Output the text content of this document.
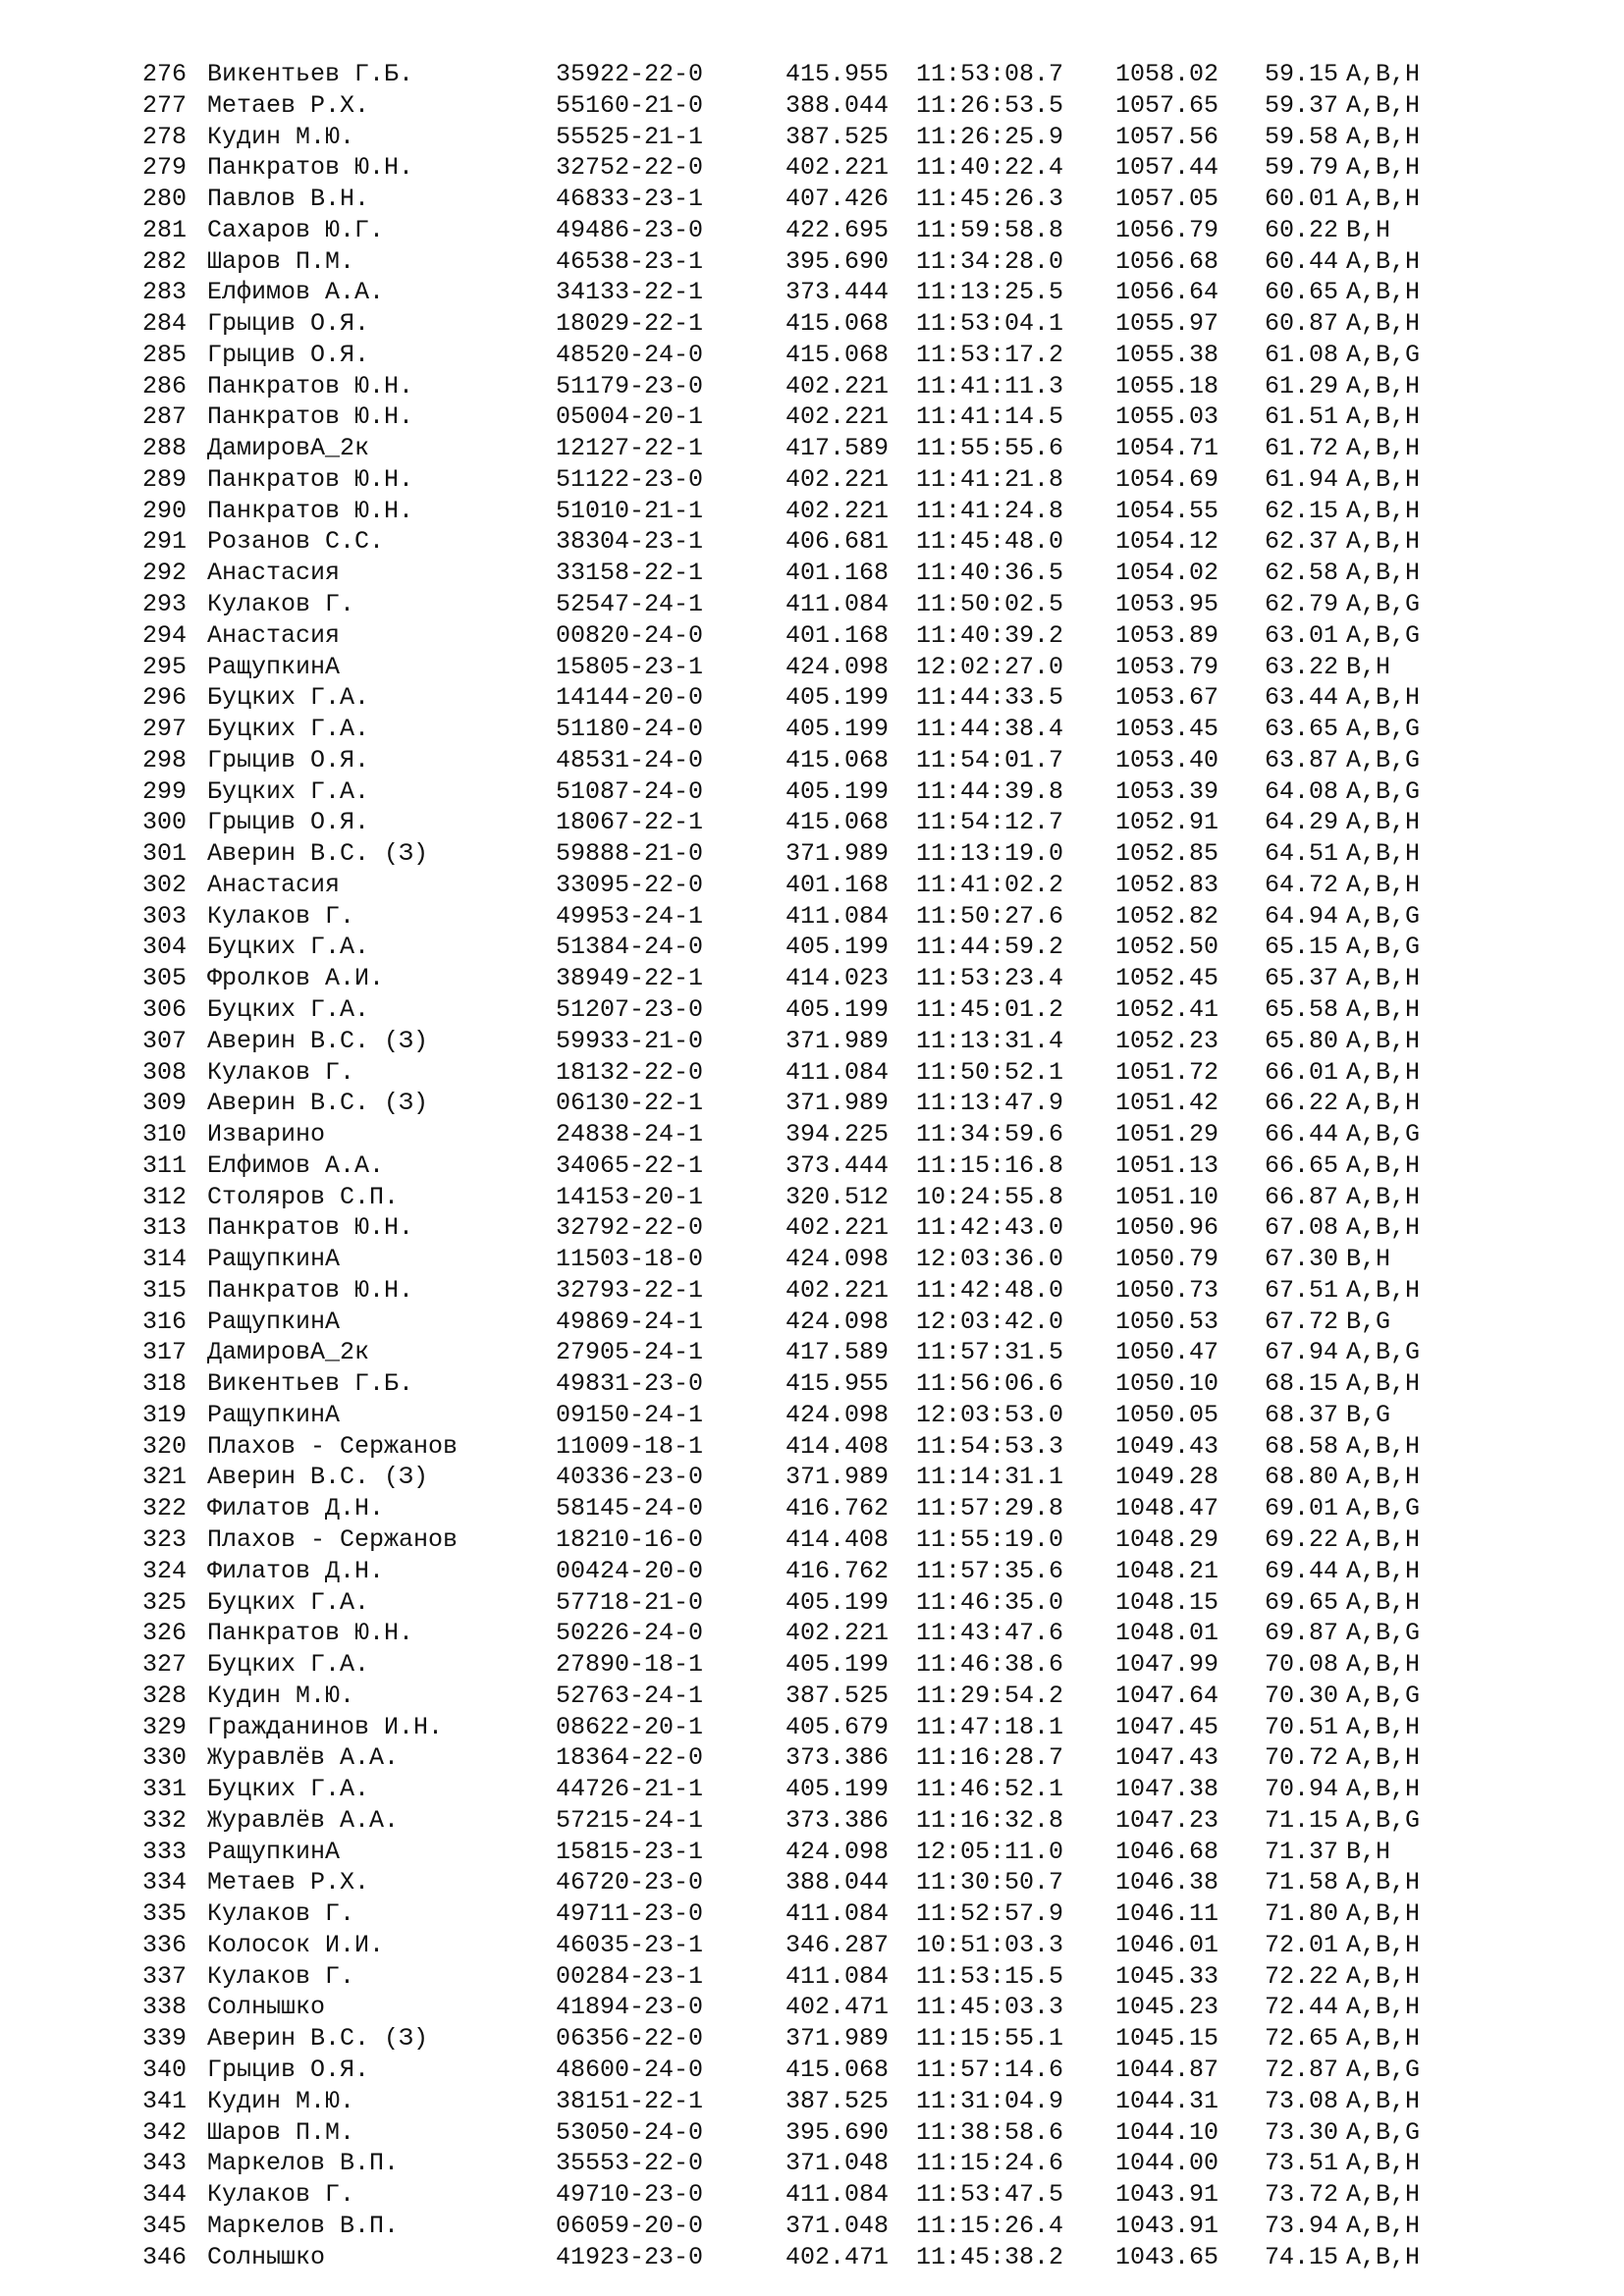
276 Викентьев Г.Б.	35922-22-0	415.955 11:53:08.7 1058.02 59.15 A,B,H
277 Метаев Р.Х.	55160-21-0	388.044 11:26:53.5 1057.65 59.37 A,B,H
278 Кудин М.Ю.	55525-21-1	387.525 11:26:25.9 1057.56 59.58 A,B,H
279 Панкратов Ю.Н.	32752-22-0	402.221 11:40:22.4 1057.44 59.79 A,B,H
280 Павлов В.Н.	46833-23-1	407.426 11:45:26.3 1057.05 60.01 A,B,H
281 Сахаров Ю.Г.	49486-23-0	422.695 11:59:58.8 1056.79 60.22 B,H
282 Шаров П.М.	46538-23-1	395.690 11:34:28.0 1056.68 60.44 A,B,H
283 Елфимов А.А.	34133-22-1	373.444 11:13:25.5 1056.64 60.65 A,B,H
284 Грыцив О.Я.	18029-22-1	415.068 11:53:04.1 1055.97 60.87 A,B,H
285 Грыцив О.Я.	48520-24-0	415.068 11:53:17.2 1055.38 61.08 A,B,G
286 Панкратов Ю.Н.	51179-23-0	402.221 11:41:11.3 1055.18 61.29 A,B,H
287 Панкратов Ю.Н.	05004-20-1	402.221 11:41:14.5 1055.03 61.51 A,B,H
288 ДамировА_2к	12127-22-1	417.589 11:55:55.6 1054.71 61.72 A,B,H
289 Панкратов Ю.Н.	51122-23-0	402.221 11:41:21.8 1054.69 61.94 A,B,H
290 Панкратов Ю.Н.	51010-21-1	402.221 11:41:24.8 1054.55 62.15 A,B,H
291 Розанов С.С.	38304-23-1	406.681 11:45:48.0 1054.12 62.37 A,B,H
292 Анастасия	33158-22-1	401.168 11:40:36.5 1054.02 62.58 A,B,H
293 Кулаков Г.	52547-24-1	411.084 11:50:02.5 1053.95 62.79 A,B,G
294 Анастасия	00820-24-0	401.168 11:40:39.2 1053.89 63.01 A,B,G
295 РащупкинА	15805-23-1	424.098 12:02:27.0 1053.79 63.22 B,H
296 Буцких Г.А.	14144-20-0	405.199 11:44:33.5 1053.67 63.44 A,B,H
297 Буцких Г.А.	51180-24-0	405.199 11:44:38.4 1053.45 63.65 A,B,G
298 Грыцив О.Я.	48531-24-0	415.068 11:54:01.7 1053.40 63.87 A,B,G
299 Буцких Г.А.	51087-24-0	405.199 11:44:39.8 1053.39 64.08 A,B,G
300 Грыцив О.Я.	18067-22-1	415.068 11:54:12.7 1052.91 64.29 A,B,H
301 Аверин В.С. (З)	59888-21-0	371.989 11:13:19.0 1052.85 64.51 A,B,H
302 Анастасия	33095-22-0	401.168 11:41:02.2 1052.83 64.72 A,B,H
303 Кулаков Г.	49953-24-1	411.084 11:50:27.6 1052.82 64.94 A,B,G
304 Буцких Г.А.	51384-24-0	405.199 11:44:59.2 1052.50 65.15 A,B,G
305 Фролков А.И.	38949-22-1	414.023 11:53:23.4 1052.45 65.37 A,B,H
306 Буцких Г.А.	51207-23-0	405.199 11:45:01.2 1052.41 65.58 A,B,H
307 Аверин В.С. (З)	59933-21-0	371.989 11:13:31.4 1052.23 65.80 A,B,H
308 Кулаков Г.	18132-22-0	411.084 11:50:52.1 1051.72 66.01 A,B,H
309 Аверин В.С. (З)	06130-22-1	371.989 11:13:47.9 1051.42 66.22 A,B,H
310 Изварино	24838-24-1	394.225 11:34:59.6 1051.29 66.44 A,B,G
311 Елфимов А.А.	34065-22-1	373.444 11:15:16.8 1051.13 66.65 A,B,H
312 Столяров С.П.	14153-20-1	320.512 10:24:55.8 1051.10 66.87 A,B,H
313 Панкратов Ю.Н.	32792-22-0	402.221 11:42:43.0 1050.96 67.08 A,B,H
314 РащупкинА	11503-18-0	424.098 12:03:36.0 1050.79 67.30 B,H
315 Панкратов Ю.Н.	32793-22-1	402.221 11:42:48.0 1050.73 67.51 A,B,H
316 РащупкинА	49869-24-1	424.098 12:03:42.0 1050.53 67.72 B,G
317 ДамировА_2к	27905-24-1	417.589 11:57:31.5 1050.47 67.94 A,B,G
318 Викентьев Г.Б.	49831-23-0	415.955 11:56:06.6 1050.10 68.15 A,B,H
319 РащупкинА	09150-24-1	424.098 12:03:53.0 1050.05 68.37 B,G
320 Плахов - Сержанов	11009-18-1	414.408 11:54:53.3 1049.43 68.58 A,B,H
321 Аверин В.С. (З)	40336-23-0	371.989 11:14:31.1 1049.28 68.80 A,B,H
322 Филатов Д.Н.	58145-24-0	416.762 11:57:29.8 1048.47 69.01 A,B,G
323 Плахов - Сержанов	18210-16-0	414.408 11:55:19.0 1048.29 69.22 A,B,H
324 Филатов Д.Н.	00424-20-0	416.762 11:57:35.6 1048.21 69.44 A,B,H
325 Буцких Г.А.	57718-21-0	405.199 11:46:35.0 1048.15 69.65 A,B,H
326 Панкратов Ю.Н.	50226-24-0	402.221 11:43:47.6 1048.01 69.87 A,B,G
327 Буцких Г.А.	27890-18-1	405.199 11:46:38.6 1047.99 70.08 A,B,H
328 Кудин М.Ю.	52763-24-1	387.525 11:29:54.2 1047.64 70.30 A,B,G
329 Гражданинов И.Н.	08622-20-1	405.679 11:47:18.1 1047.45 70.51 A,B,H
330 Журавлёв А.А.	18364-22-0	373.386 11:16:28.7 1047.43 70.72 A,B,H
331 Буцких Г.А.	44726-21-1	405.199 11:46:52.1 1047.38 70.94 A,B,H
332 Журавлёв А.А.	57215-24-1	373.386 11:16:32.8 1047.23 71.15 A,B,G
333 РащупкинА	15815-23-1	424.098 12:05:11.0 1046.68 71.37 B,H
334 Метаев Р.Х.	46720-23-0	388.044 11:30:50.7 1046.38 71.58 A,B,H
335 Кулаков Г.	49711-23-0	411.084 11:52:57.9 1046.11 71.80 A,B,H
336 Колосок И.И.	46035-23-1	346.287 10:51:03.3 1046.01 72.01 A,B,H
337 Кулаков Г.	00284-23-1	411.084 11:53:15.5 1045.33 72.22 A,B,H
338 Солнышко	41894-23-0	402.471 11:45:03.3 1045.23 72.44 A,B,H
339 Аверин В.С. (З)	06356-22-0	371.989 11:15:55.1 1045.15 72.65 A,B,H
340 Грыцив О.Я.	48600-24-0	415.068 11:57:14.6 1044.87 72.87 A,B,G
341 Кудин М.Ю.	38151-22-1	387.525 11:31:04.9 1044.31 73.08 A,B,H
342 Шаров П.М.	53050-24-0	395.690 11:38:58.6 1044.10 73.30 A,B,G
343 Маркелов В.П.	35553-22-0	371.048 11:15:24.6 1044.00 73.51 A,B,H
344 Кулаков Г.	49710-23-0	411.084 11:53:47.5 1043.91 73.72 A,B,H
345 Маркелов В.П.	06059-20-0	371.048 11:15:26.4 1043.91 73.94 A,B,H
346 Солнышко	41923-23-0	402.471 11:45:38.2 1043.65 74.15 A,B,H
